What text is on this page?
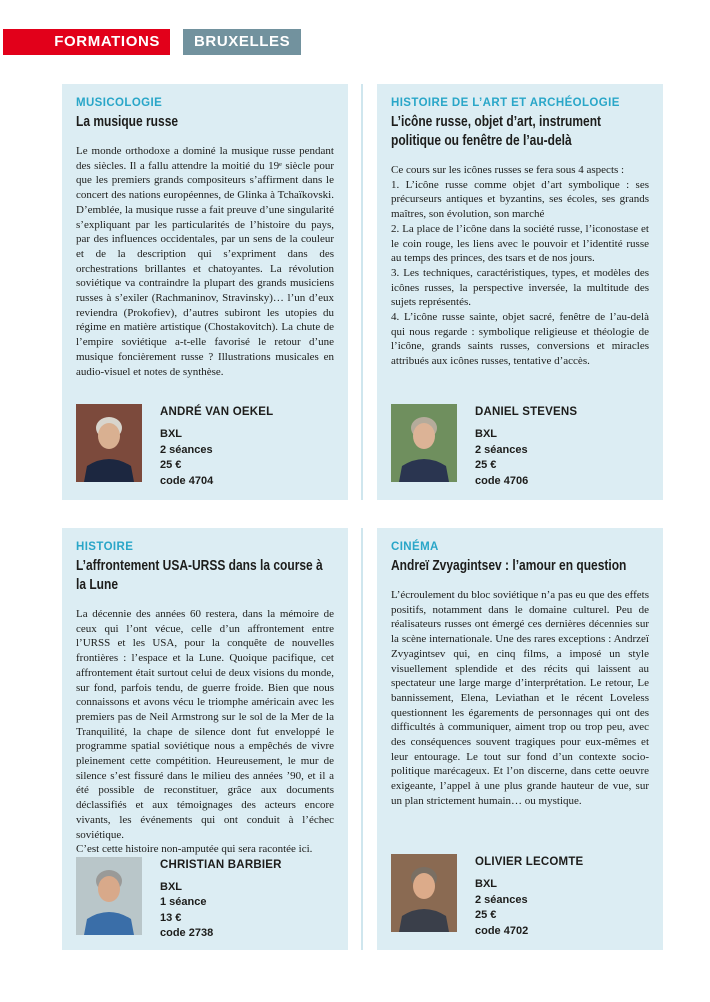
FORMATIONS	BRUXELLES
MUSICOLOGIE
La musique russe

Le monde orthodoxe a dominé la musique russe pendant des siècles. Il a fallu attendre la moitié du 19ᵉ siècle pour que les premiers grands compositeurs s’affirment dans le concert des nations européennes, de Glinka à Tchaïkovski. D’emblée, la musique russe a fait preuve d’une singularité s’expliquant par les particularités de l’histoire du pays, par des influences occidentales, par un sens de la couleur et de la description qui s’expriment dans des orchestrations brillantes et chatoyantes. La révolution soviétique va contraindre la plupart des grands musiciens russes à s’exiler (Rachmaninov, Stravinsky)… l’un d’eux reviendra (Prokofiev), d’autres subiront les utopies du régime en matière artistique (Chostakovitch). La chute de l’empire soviétique a-t-elle favorisé le retour d’une musique foncièrement russe ? Illustrations musicales en audio-visuel et notes de synthèse.

ANDRÉ VAN OEKEL
BXL
2 séances
25 €
code 4704
HISTOIRE DE L’ART ET ARCHÉOLOGIE
L’icône russe, objet d’art, instrument politique ou fenêtre de l’au-delà

Ce cours sur les icônes russes se fera sous 4 aspects :

1. L’icône russe comme objet d’art symbolique : ses précurseurs antiques et byzantins, ses écoles, ses grands maîtres, son évolution, son marché

2. La place de l’icône dans la société russe, l’iconostase et le coin rouge, les liens avec le pouvoir et l’identité russe au temps des princes, des tsars et de nos jours.

3. Les techniques, caractéristiques, types, et modèles des icônes russes, la perspective inversée, la multitude des sujets représentés.

4. L’icône russe sainte, objet sacré, fenêtre de l’au-delà qui nous regarde : symbolique religieuse et théologie de l’icône, grands saints russes, conversions et miracles attribués aux icônes russes, tentative d’accès.

DANIEL STEVENS
BXL
2 séances
25 €
code 4706
HISTOIRE
L’affrontement USA-URSS dans la course à la Lune

La décennie des années 60 restera, dans la mémoire de ceux qui l’ont vécue, celle d’un affrontement entre l’URSS et les USA, pour la conquête de nouvelles frontières : l’espace et la Lune. Quoique pacifique, cet affrontement était surtout celui de deux visions du monde, sur fond, parfois tendu, de guerre froide. Bien que nous connaissons et avons vécu le triomphe américain avec les premiers pas de Neil Armstrong sur le sol de la Mer de la Tranquilité, la chape de silence dont fut enveloppé le programme spatial soviétique nous a empêchés de vivre pleinement cette compétition. Heureusement, le mur de silence s’est fissuré dans le milieu des années ’90, et il a été possible de reconstituer, grâce aux documents déclassifiés et aux témoignages des acteurs encore vivants, les événements qui ont conduit à l’échec soviétique.

C’est cette histoire non-amputée qui sera racontée ici.

CHRISTIAN BARBIER
BXL
1 séance
13 €
code 2738
CINÉMA
Andreï Zvyagintsev : l’amour en question

L’écroulement du bloc soviétique n’a pas eu que des effets positifs, notamment dans le domaine culturel. Peu de réalisateurs russes ont émergé ces dernières décennies sur la scène internationale. Une des rares exceptions : Andrzeï Zvyagintsev qui, en cinq films, a imposé un style visuellement splendide et des récits qui laissent au spectateur une large marge d’interprétation. Le retour, Le bannissement, Elena, Leviathan et le récent Loveless questionnent les égarements de personnages qui ont des difficultés à communiquer, aiment trop ou trop peu, avec des conséquences souvent tragiques pour eux-mêmes et leur entourage. Le tout sur fond d’un contexte socio-politique marécageux. Et l’on discerne, dans cette oeuvre exigeante, l’appel à une plus grande hauteur de vue, sur un plan strictement humain… ou mystique.

OLIVIER LECOMTE
BXL
2 séances
25 €
code 4702
